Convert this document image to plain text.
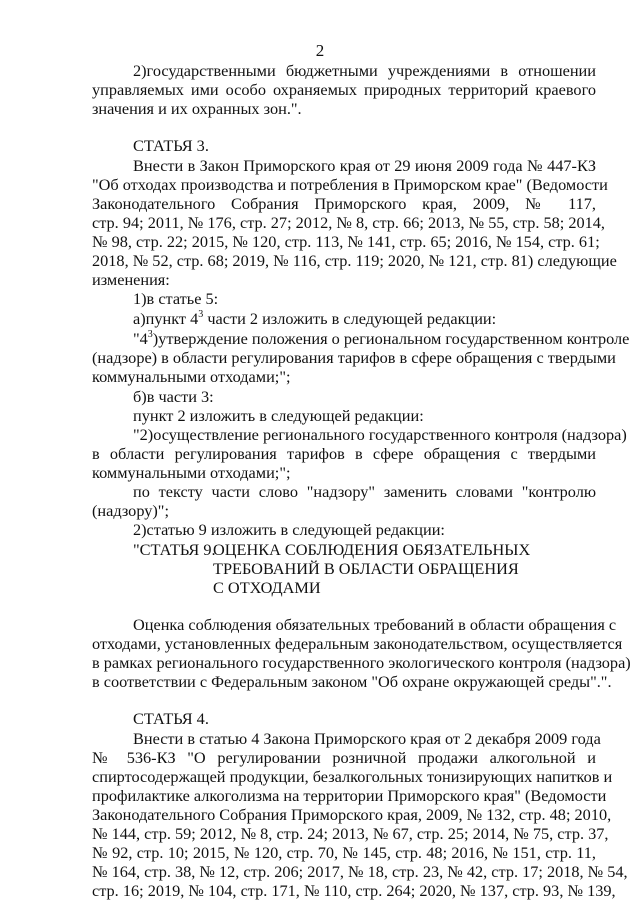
2
2)государственными бюджетными учреждениями в отношении
управляемых ими особо охраняемых природных территорий краевого
значения и их охранных зон.".
СТАТЬЯ 3.
Внести в Закон Приморского края от 29 июня 2009 года № 447-КЗ
"Об отходах производства и потребления в Приморском крае" (Ведомости
Законодательного Собрания Приморского края, 2009, № 117,
стр. 94; 2011, № 176, стр. 27; 2012, № 8, стр. 66; 2013, № 55, стр. 58; 2014,
№ 98, стр. 22; 2015, № 120, стр. 113, № 141, стр. 65; 2016, № 154, стр. 61;
2018, № 52, стр. 68; 2019, № 116, стр. 119; 2020, № 121, стр. 81) следующие
изменения:
1)в статье 5:
а)пункт $4^3$ части 2 изложить в следующей редакции:
"$4^3)утверждение$ положения о региональном государственном контроле
(надзоре) в области регулирования тарифов в сфере обращения с твердыми
коммунальными отходами;";
б)в части 3:
пункт 2 изложить в следующей редакции:
"2)осуществление регионального государственного контроля (надзора)
в области регулирования тарифов в сфере обращения с твердыми
коммунальными отходами;";
по тексту части слово "надзору" заменить словами "контролю
(надзору)";
2)статью 9 изложить в следующей редакции:
"СТАТЬЯ 9.
ОЦЕНКА СОБЛЮДЕНИЯ ОБЯЗАТЕЛЬНЫХ
ТРЕБОВАНИЙ В ОБЛАСТИ ОБРАЩЕНИЯ
С ОТХОДАМИ
Оценка соблюдения обязательных требований в области обращения с
отходами, установленных федеральным законодательством, осуществляется
в рамках регионального государственного экологического контроля (надзора)
в соответствии с Федеральным законом "Об охране окружающей среды".".
СТАТЬЯ 4.
Внести в статью 4 Закона Приморского края от 2 декабря 2009 года
№ 536-КЗ "О регулировании розничной продажи алкогольной и
спиртосодержащей продукции, безалкогольных тонизирующих напитков и
профилактике алкоголизма на территории Приморского края" (Ведомости
Законодательного Собрания Приморского края, 2009, № 132, стр. 48; 2010,
№ 144, стр. 59; 2012, № 8, стр. 24; 2013, № 67, стр. 25; 2014, № 75, стр. 37,
№ 92, стр. 10; 2015, № 120, стр. 70, № 145, стр. 48; 2016, № 151, стр. 11,
№ 164, стр. 38, № 12, стр. 206; 2017, № 18, стр. 23, № 42, стр. 17; 2018, № 54,
стр. 16; 2019, № 104, стр. 171, № 110, стр. 264; 2020, № 137, стр. 93, № 139,
